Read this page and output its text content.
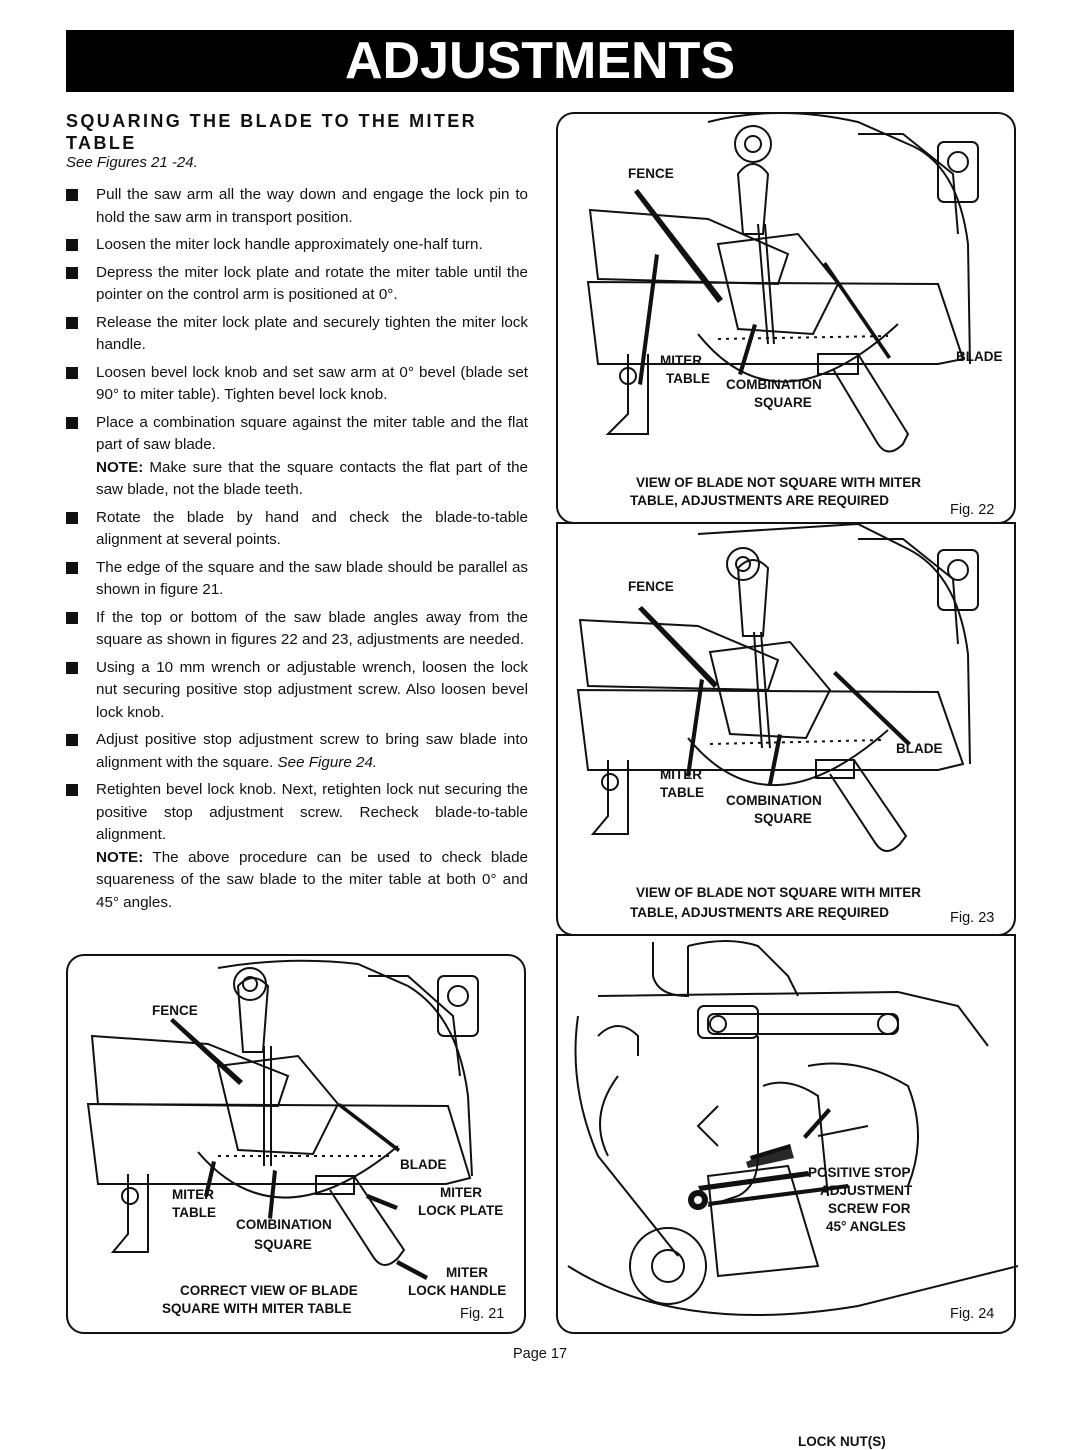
ADJUSTMENTS
SQUARING THE BLADE TO THE MITER TABLE
See Figures 21 -24.
Pull the saw arm all the way down and engage the lock pin to hold the saw arm in transport position.
Loosen the miter lock handle approximately one-half turn.
Depress the miter lock plate and rotate the miter table until the pointer on the control arm is positioned at 0°.
Release the miter lock plate and securely tighten the miter lock handle.
Loosen bevel lock knob and set saw arm at 0° bevel (blade set 90° to miter table). Tighten bevel lock knob.
Place a combination square against the miter table and the flat part of saw blade.
NOTE: Make sure that the square contacts the flat part of the saw blade, not the blade teeth.
Rotate the blade by hand and check the blade-to-table alignment at several points.
The edge of the square and the saw blade should be parallel as shown in figure 21.
If the top or bottom of the saw blade angles away from the square as shown in figures 22 and 23, adjustments are needed.
Using a 10 mm wrench or adjustable wrench, loosen the lock nut securing positive stop adjustment screw. Also loosen bevel lock knob.
Adjust positive stop adjustment screw to bring saw blade into alignment with the square. See Figure 24.
Retighten bevel lock knob. Next, retighten lock nut securing the positive stop adjustment screw. Recheck blade-to-table alignment.
NOTE: The above procedure can be used to check blade squareness of the saw blade to the miter table at both 0° and 45° angles.
FENCE
MITER
TABLE
BLADE
COMBINATION
SQUARE
VIEW OF BLADE NOT SQUARE WITH MITER
TABLE, ADJUSTMENTS ARE REQUIRED
Fig. 22
FENCE
MITER
TABLE
BLADE
COMBINATION
SQUARE
VIEW OF BLADE NOT SQUARE WITH MITER
TABLE, ADJUSTMENTS ARE REQUIRED	Fig. 23
LOCK NUT(S)
POSITIVE STOP
ADJUSTMENT
SCREW FOR
45° ANGLES
Fig. 24
FENCE
BLADE
MITER
TABLE
COMBINATION
SQUARE
MITER
LOCK PLATE
MITER
LOCK HANDLE
CORRECT VIEW OF BLADE
SQUARE WITH MITER TABLE	Fig. 21
Page 17
